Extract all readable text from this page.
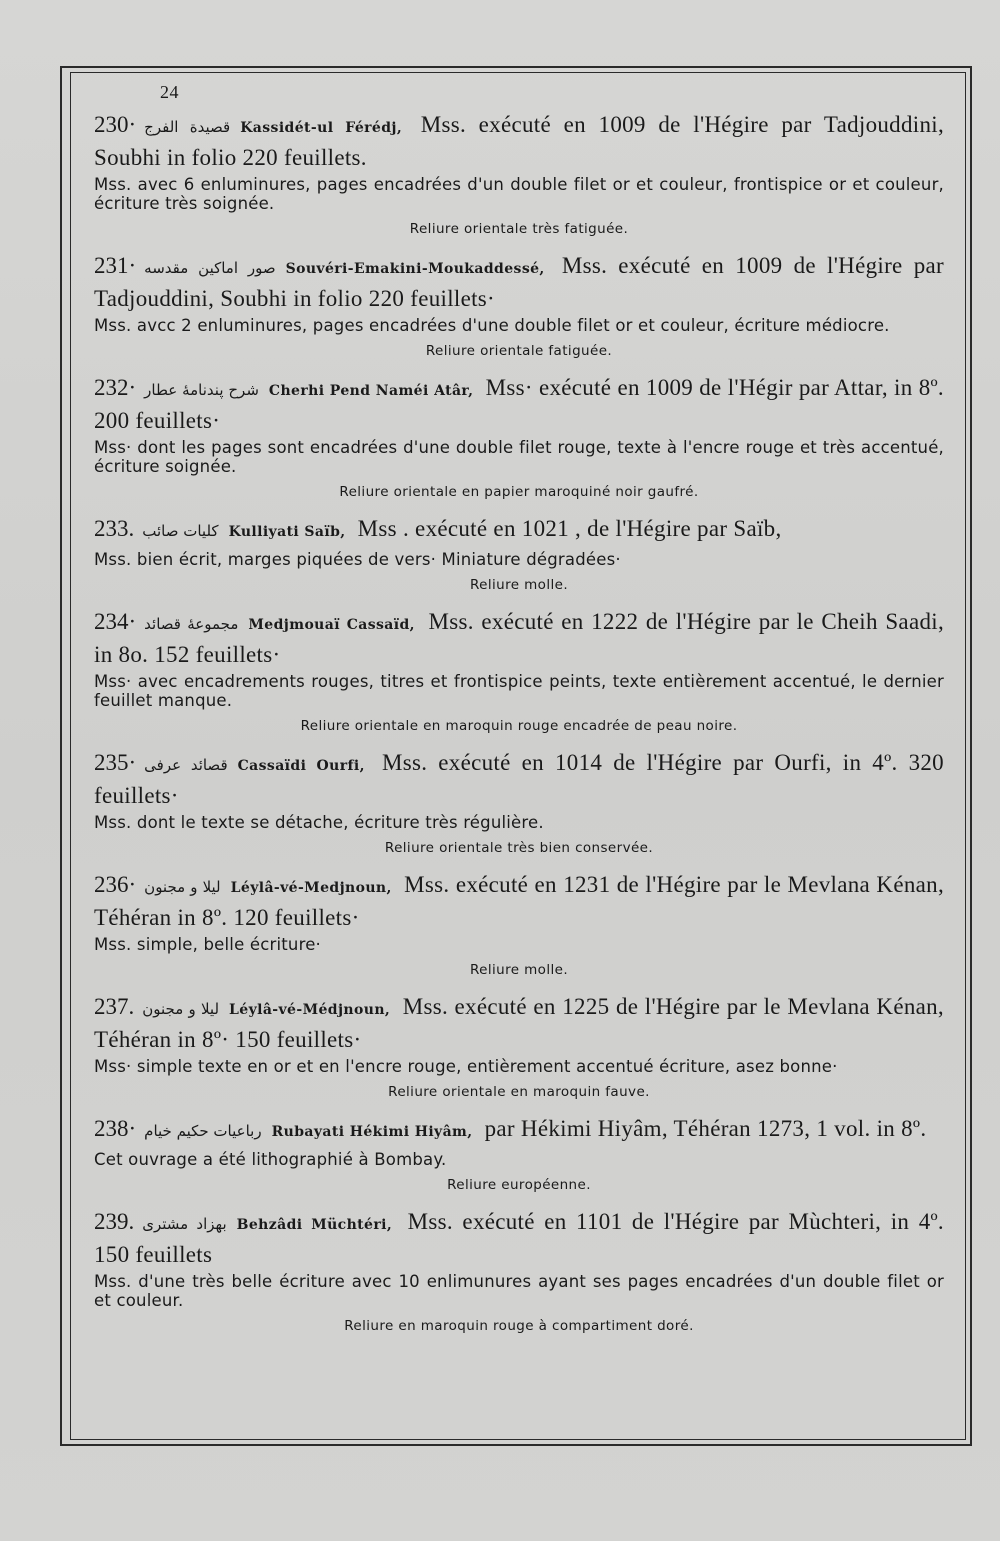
24
230· قصيدة الفرج Kassidét-ul Férédj, Mss. exécuté en 1009 de l'Hégire par Tadjouddini, Soubhi in folio 220 feuillets.
Mss. avec 6 enluminures, pages encadrées d'un double filet or et couleur, frontispice or et couleur, écriture très soignée.
Reliure orientale très fatiguée.
231· صور اماكين مقدسه Souvéri-Emakini-Moukaddessé, Mss. exécuté en 1009 de l'Hégire par Tadjouddini, Soubhi in folio 220 feuillets·
Mss. avcc 2 enluminures, pages encadrées d'une double filet or et couleur, écriture médiocre.
Reliure orientale fatiguée.
232· شرح پندنامهٔ عطار Cherhi Pend Naméi Atâr, Mss· exécuté en 1009 de l'Hégir par Attar, in 8º. 200 feuillets·
Mss· dont les pages sont encadrées d'une double filet rouge, texte à l'encre rouge et très accentué, écriture soignée.
Reliure orientale en papier maroquiné noir gaufré.
233. كليات صائب Kulliyati Saïb, Mss . exécuté en 1021 , de l'Hégire par Saïb,
Mss. bien écrit, marges piquées de vers· Miniature dégradées·
Reliure molle.
234· مجموعهٔ قصائد Medjmouaï Cassaïd, Mss. exécuté en 1222 de l'Hégire par le Cheih Saadi, in 8o. 152 feuillets·
Mss· avec encadrements rouges, titres et frontispice peints, texte entièrement accentué, le dernier feuillet manque.
Reliure orientale en maroquin rouge encadrée de peau noire.
235· قصائد عرفى Cassaïdi Ourfi, Mss. exécuté en 1014 de l'Hégire par Ourfi, in 4º. 320 feuillets·
Mss. dont le texte se détache, écriture très régulière.
Reliure orientale très bien conservée.
236· ليلا و مجنون Léylâ-vé-Medjnoun, Mss. exécuté en 1231 de l'Hégire par le Mevlana Kénan, Téhéran in 8º. 120 feuillets·
Mss. simple, belle écriture·
Reliure molle.
237. ليلا و مجنون Léylâ-vé-Médjnoun, Mss. exécuté en 1225 de l'Hégire par le Mevlana Kénan, Téhéran in 8º· 150 feuillets·
Mss· simple texte en or et en l'encre rouge, entièrement accentué écriture, asez bonne·
Reliure orientale en maroquin fauve.
238· رباعيات حكيم خيام Rubayati Hékimi Hiyâm, par Hékimi Hiyâm, Téhéran 1273, 1 vol. in 8º.
Cet ouvrage a été lithographié à Bombay.
Reliure européenne.
239. بهزاد مشترى Behzâdi Müchtéri, Mss. exécuté en 1101 de l'Hégire par Mùchteri, in 4º. 150 feuillets
Mss. d'une très belle écriture avec 10 enlimunures ayant ses pages encadrées d'un double filet or et couleur.
Reliure en maroquin rouge à compartiment doré.
